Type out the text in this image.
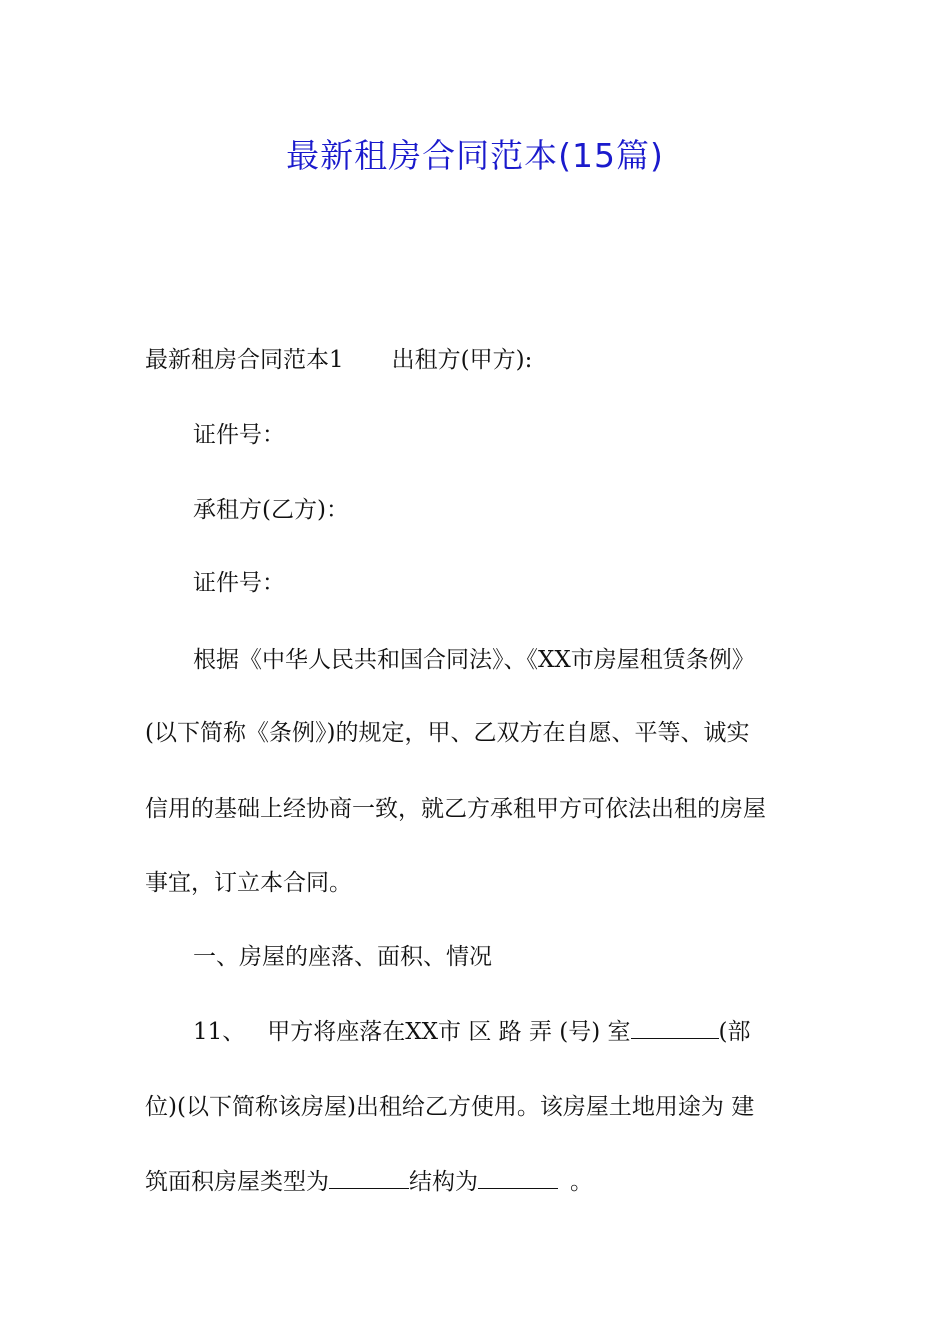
最新租房合同范本(15篇)
最新租房合同范本1 出租方(甲方):
证件号：
承租方(乙方)：
证件号：
根据《中华人民共和国合同法》、《XX市房屋租赁条例》
(以下简称《条例》)的规定，甲、乙双方在自愿、平等、诚实
信用的基础上经协商一致，就乙方承租甲方可依法出租的房屋
事宜，订立本合同。
一、房屋的座落、面积、情况
11、 甲方将座落在XX市 区 路 弄 (号) 室	(部
位)(以下简称该房屋)出租给乙方使用。该房屋土地用途为 建
筑面积房屋类型为	结构为	。
